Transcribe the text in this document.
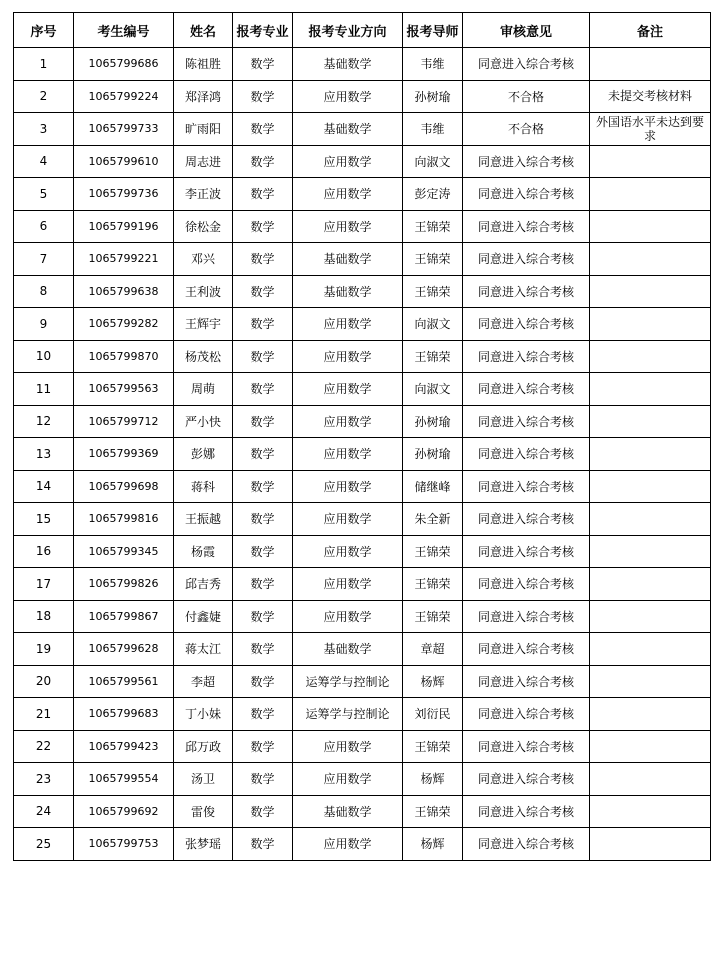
序号	考生编号	姓名	报考专业	报考专业方向	报考导师	审核意见	备注
1	1065799686	陈祖胜	数学	基础数学	韦维	同意进入综合考核	
2	1065799224	郑泽鸿	数学	应用数学	孙树瑜	不合格	未提交考核材料
3	1065799733	旷雨阳	数学	基础数学	韦维	不合格	外国语水平未达到要求
4	1065799610	周志进	数学	应用数学	向淑文	同意进入综合考核	
5	1065799736	李正波	数学	应用数学	彭定涛	同意进入综合考核	
6	1065799196	徐松金	数学	应用数学	王锦荣	同意进入综合考核	
7	1065799221	邓兴	数学	基础数学	王锦荣	同意进入综合考核	
8	1065799638	王利波	数学	基础数学	王锦荣	同意进入综合考核	
9	1065799282	王辉宇	数学	应用数学	向淑文	同意进入综合考核	
10	1065799870	杨茂松	数学	应用数学	王锦荣	同意进入综合考核	
11	1065799563	周萌	数学	应用数学	向淑文	同意进入综合考核	
12	1065799712	严小快	数学	应用数学	孙树瑜	同意进入综合考核	
13	1065799369	彭娜	数学	应用数学	孙树瑜	同意进入综合考核	
14	1065799698	蒋科	数学	应用数学	储继峰	同意进入综合考核	
15	1065799816	王振越	数学	应用数学	朱全新	同意进入综合考核	
16	1065799345	杨霞	数学	应用数学	王锦荣	同意进入综合考核	
17	1065799826	邱吉秀	数学	应用数学	王锦荣	同意进入综合考核	
18	1065799867	付鑫婕	数学	应用数学	王锦荣	同意进入综合考核	
19	1065799628	蒋太江	数学	基础数学	章超	同意进入综合考核	
20	1065799561	李超	数学	运筹学与控制论	杨辉	同意进入综合考核	
21	1065799683	丁小妹	数学	运筹学与控制论	刘衍民	同意进入综合考核	
22	1065799423	邱万政	数学	应用数学	王锦荣	同意进入综合考核	
23	1065799554	汤卫	数学	应用数学	杨辉	同意进入综合考核	
24	1065799692	雷俊	数学	基础数学	王锦荣	同意进入综合考核	
25	1065799753	张梦瑶	数学	应用数学	杨辉	同意进入综合考核	
